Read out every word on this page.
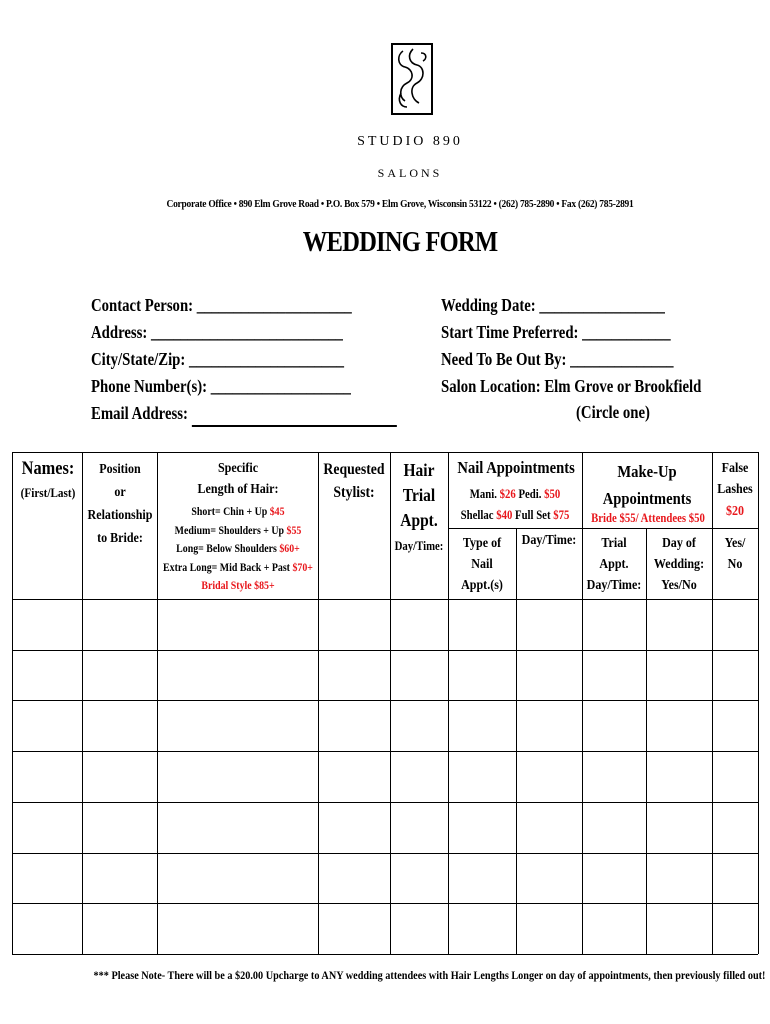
STUDIO 890
SALONS
Corporate Office • 890 Elm Grove Road • P.O. Box 579 • Elm Grove, Wisconsin 53122 • (262) 785-2890 • Fax (262) 785-2891
WEDDING FORM
Contact Person: _____________________
Address: __________________________
City/State/Zip: _____________________
Phone Number(s): ___________________
Email Address:
Wedding Date: _________________
Start Time Preferred: ____________
Need To Be Out By: ______________
Salon Location: Elm Grove or Brookfield
(Circle one)
Names:
(First/Last)
Position
or
Relationship
to Bride:
Specific
Length of Hair:
Short= Chin + Up $45
Medium= Shoulders + Up $55
Long= Below Shoulders $60+
Extra Long= Mid Back + Past $70+
Bridal Style $85+
Requested
Stylist:
Hair
Trial
Appt.
Day/Time:
Nail Appointments
Mani. $26 Pedi. $50
Shellac $40 Full Set $75
Type of
Nail
Appt.(s)
Day/Time:
Make-Up
Appointments
Bride $55/ Attendees $50
Trial
Appt.
Day/Time:
Day of
Wedding:
Yes/No
False
Lashes
$20
Yes/
No
*** Please Note- There will be a $20.00 Upcharge to ANY wedding attendees with Hair Lengths Longer on day of appointments, then previously filled out!
